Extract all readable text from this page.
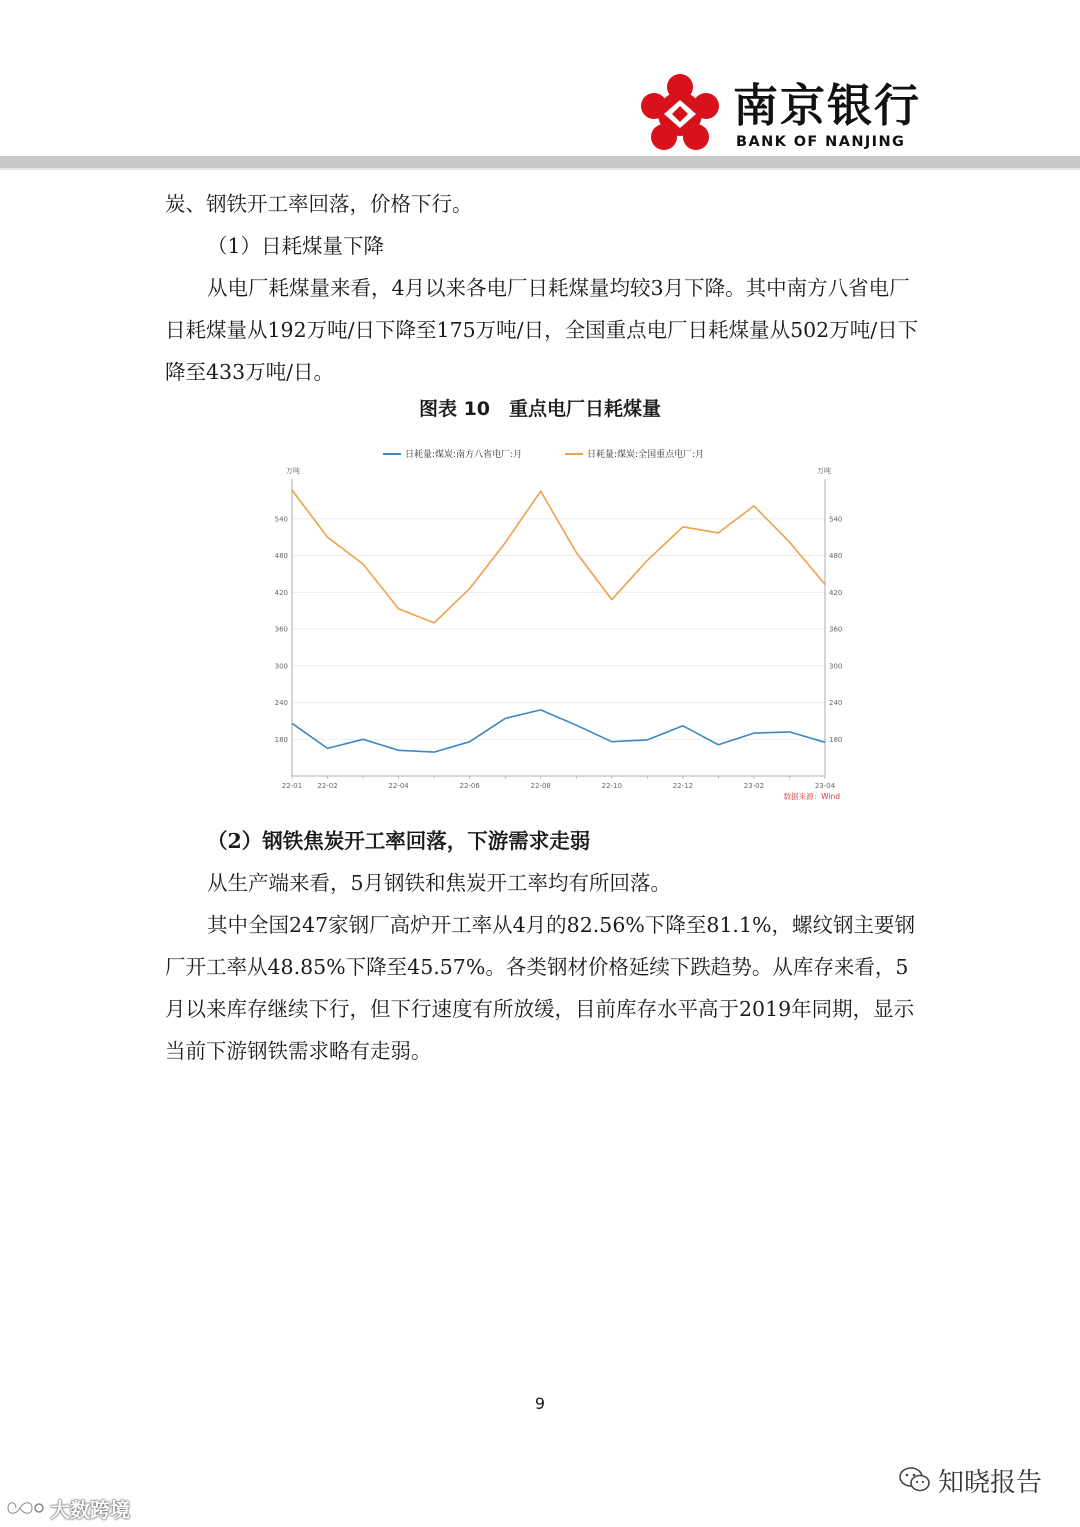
南京银行
BANK OF NANJING

炭、钢铁开工率回落，价格下行。

（1）日耗煤量下降

从电厂耗煤量来看，4月以来各电厂日耗煤量均较3月下降。其中南方八省电厂日耗煤量从192万吨/日下降至175万吨/日，全国重点电厂日耗煤量从502万吨/日下降至433万吨/日。

图表 10　重点电厂日耗煤量
日耗量:煤炭:南方八省电厂:月	日耗量:煤炭:全国重点电厂:月
万吨	万吨
180	180
240	240
300	300
360	360
420	420
480	480
540	540
22-01 22-02	22-04	22-06	22-08	22-10	22-12	23-02	23-04
数据来源：Wind
（2）钢铁焦炭开工率回落，下游需求走弱

从生产端来看，5月钢铁和焦炭开工率均有所回落。

其中全国247家钢厂高炉开工率从4月的82.56%下降至81.1%，螺纹钢主要钢厂开工率从48.85%下降至45.57%。各类钢材价格延续下跌趋势。从库存来看，5月以来库存继续下行，但下行速度有所放缓，目前库存水平高于2019年同期，显示当前下游钢铁需求略有走弱。

9
知晓报告
大数跨境
